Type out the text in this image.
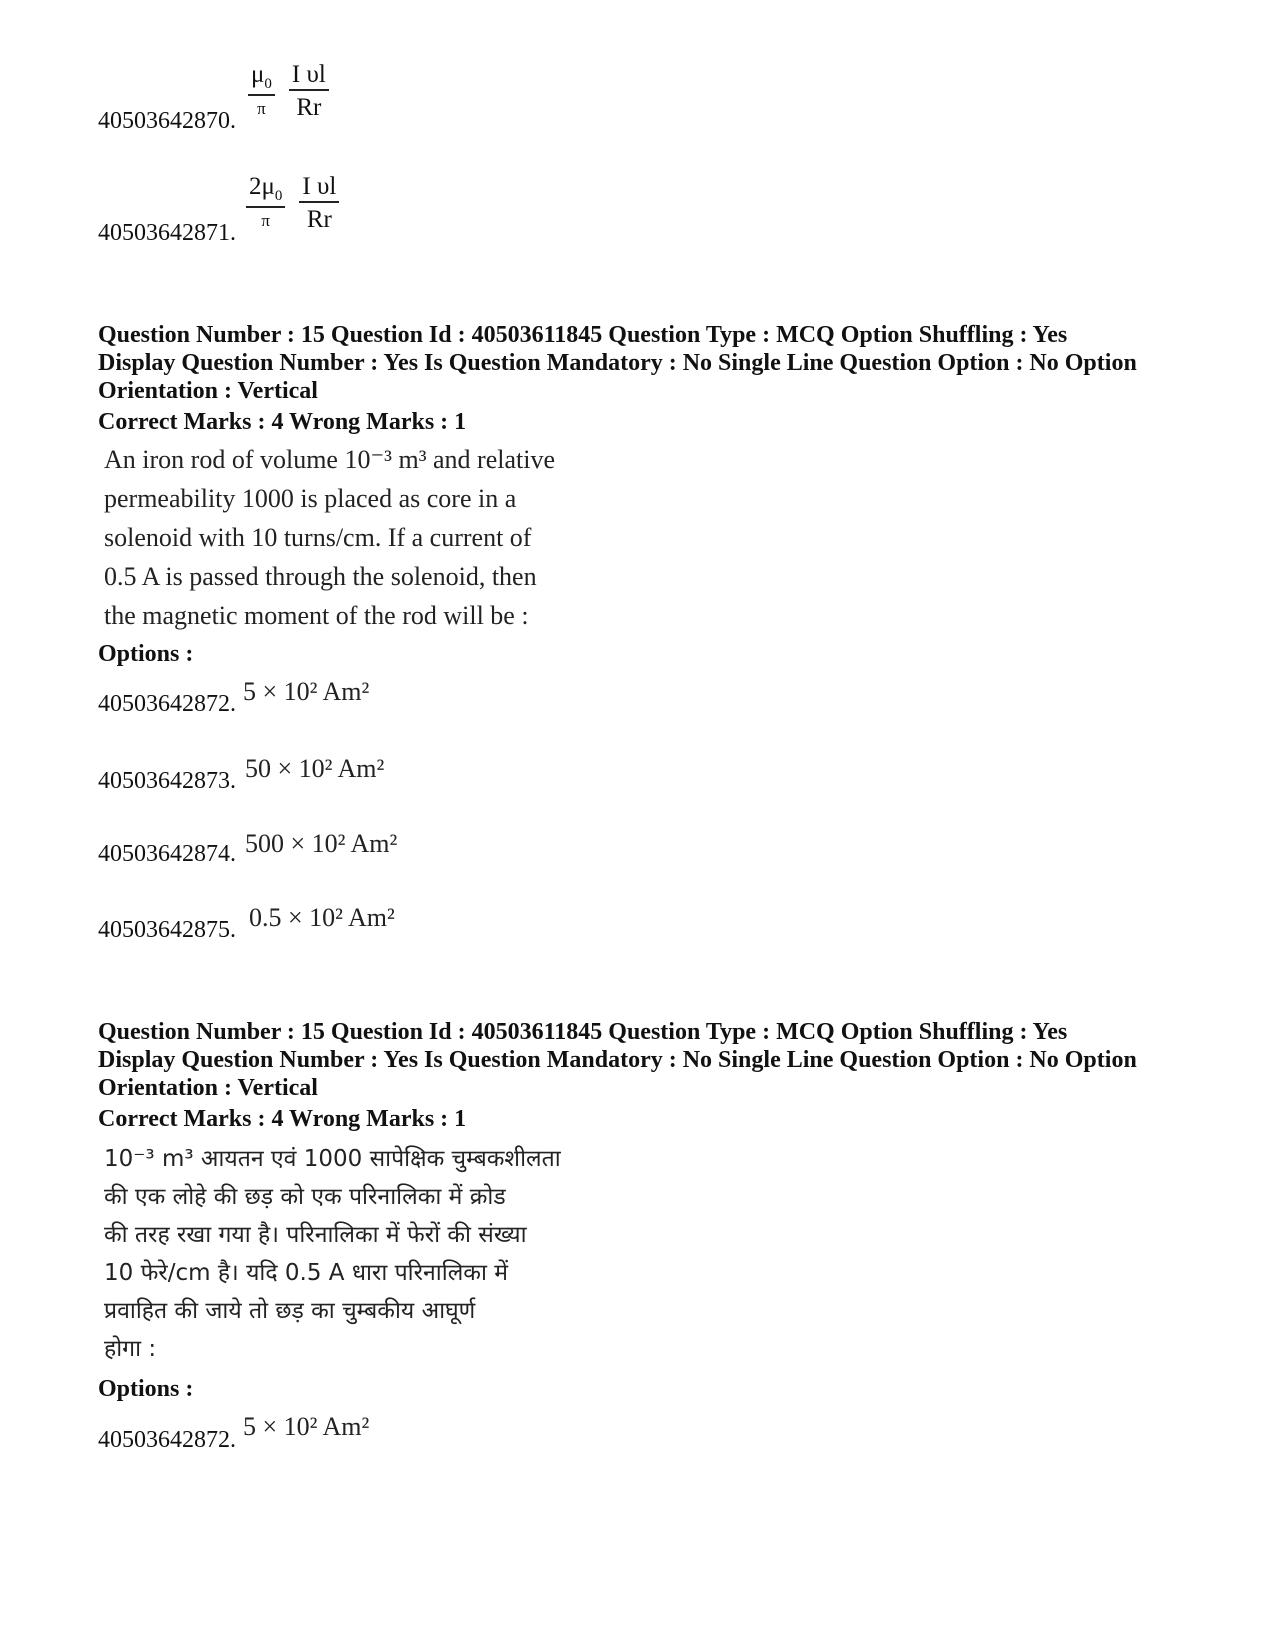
$\frac{\mu_0}{\pi} \frac{\text{I υl}}{Rr}$
40503642870.
$\frac{2\mu_0}{\pi} \frac{\text{I υl}}{Rr}$
40503642871.
Question Number : 15 Question Id : 40503611845 Question Type : MCQ Option Shuffling : Yes
Display Question Number : Yes Is Question Mandatory : No Single Line Question Option : No Option
Orientation : Vertical
Correct Marks : 4 Wrong Marks : 1
An iron rod of volume 10⁻³ m³ and relative
permeability 1000 is placed as core in a
solenoid with 10 turns/cm. If a current of
0.5 A is passed through the solenoid, then
the magnetic moment of the rod will be :
Options :
40503642872. 5 × 10² Am²
40503642873. 50 × 10² Am²
40503642874. 500 × 10² Am²
40503642875. 0.5 × 10² Am²
Question Number : 15 Question Id : 40503611845 Question Type : MCQ Option Shuffling : Yes
Display Question Number : Yes Is Question Mandatory : No Single Line Question Option : No Option
Orientation : Vertical
Correct Marks : 4 Wrong Marks : 1
10⁻³ m³ आयतन एवं 1000 सापेक्षिक चुम्बकशीलता
की एक लोहे की छड़ को एक परिनालिका में क्रोड
की तरह रखा गया है। परिनालिका में फेरों की संख्या
10 फेरे/cm है। यदि 0.5 A धारा परिनालिका में
प्रवाहित की जाये तो छड़ का चुम्बकीय आघूर्ण
होगा :
Options :
40503642872. 5 × 10² Am²
